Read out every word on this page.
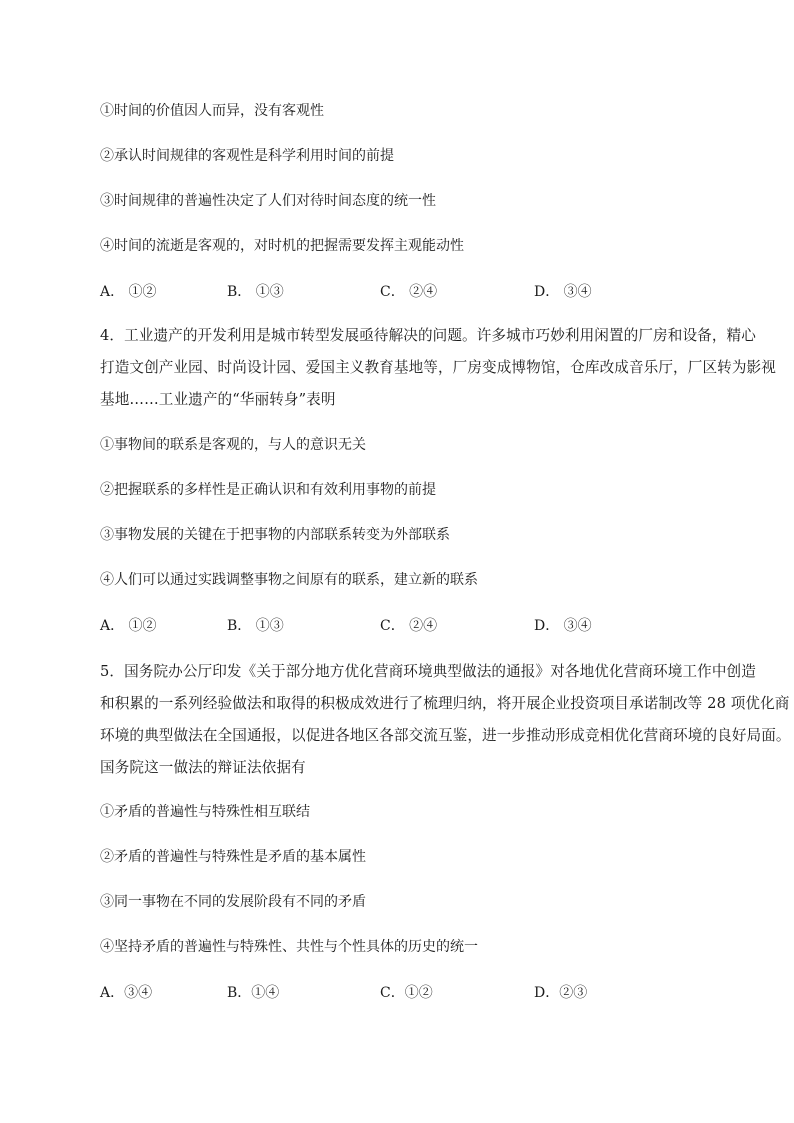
①时间的价值因人而异，没有客观性
②承认时间规律的客观性是科学利用时间的前提
③时间规律的普遍性决定了人们对待时间态度的统一性
④时间的流逝是客观的，对时机的把握需要发挥主观能动性
A． ①②	B． ①③	C． ②④	D． ③④
4．工业遗产的开发利用是城市转型发展亟待解决的问题。许多城市巧妙利用闲置的厂房和设备，精心
打造文创产业园、时尚设计园、爱国主义教育基地等，厂房变成博物馆，仓库改成音乐厅，厂区转为影视
基地……工业遗产的“华丽转身”表明
①事物间的联系是客观的，与人的意识无关
②把握联系的多样性是正确认识和有效利用事物的前提
③事物发展的关键在于把事物的内部联系转变为外部联系
④人们可以通过实践调整事物之间原有的联系，建立新的联系
A． ①②	B． ①③	C． ②④	D． ③④
5．国务院办公厅印发《关于部分地方优化营商环境典型做法的通报》对各地优化营商环境工作中创造
和积累的一系列经验做法和取得的积极成效进行了梳理归纳，将开展企业投资项目承诺制改等 28 项优化商
环境的典型做法在全国通报，以促进各地区各部交流互鉴，进一步推动形成竞相优化营商环境的良好局面。
国务院这一做法的辩证法依据有
①矛盾的普遍性与特殊性相互联结
②矛盾的普遍性与特殊性是矛盾的基本属性
③同一事物在不同的发展阶段有不同的矛盾
④坚持矛盾的普遍性与特殊性、共性与个性具体的历史的统一
A．③④	B．①④	C．①②	D．②③
